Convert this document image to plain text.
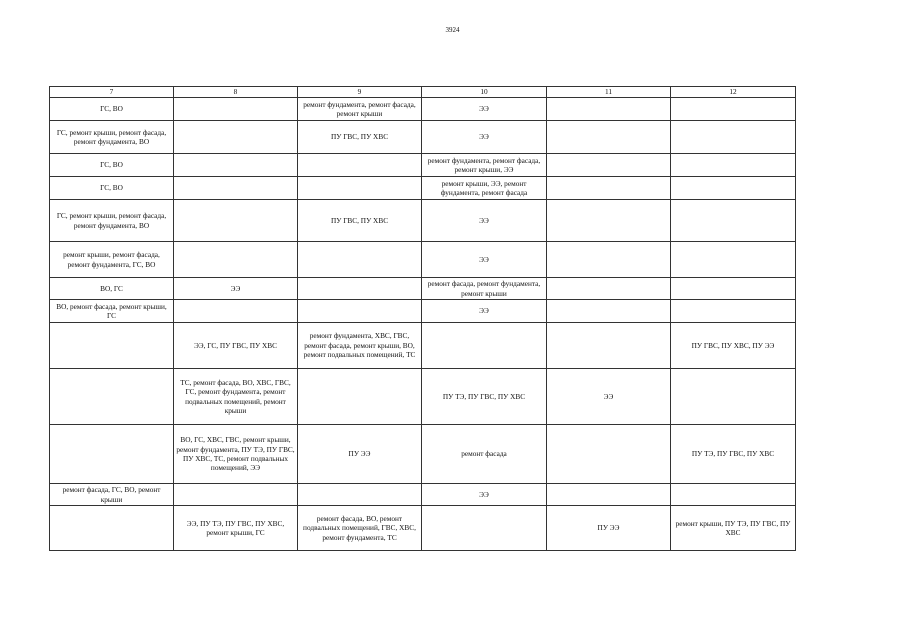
3924
7	8	9	10	11	12
ГС, ВО		ремонт фундамента, ремонт фасада, ремонт крыши	ЭЭ		
ГС, ремонт крыши, ремонт фасада, ремонт фундамента, ВО		ПУ ГВС, ПУ ХВС	ЭЭ		
ГС, ВО			ремонт фундамента, ремонт фасада, ремонт крыши, ЭЭ		
ГС, ВО			ремонт крыши, ЭЭ, ремонт фундамента, ремонт фасада		
ГС, ремонт крыши, ремонт фасада, ремонт фундамента, ВО		ПУ ГВС, ПУ ХВС	ЭЭ		
ремонт крыши, ремонт фасада, ремонт фундамента, ГС, ВО			ЭЭ		
ВО, ГС	ЭЭ		ремонт фасада, ремонт фундамента, ремонт крыши		
ВО, ремонт фасада, ремонт крыши, ГС			ЭЭ		
	ЭЭ, ГС, ПУ ГВС, ПУ ХВС	ремонт фундамента, ХВС, ГВС, ремонт фасада, ремонт крыши, ВО, ремонт подвальных помещений, ТС			ПУ ГВС, ПУ ХВС, ПУ ЭЭ
	ТС, ремонт фасада, ВО, ХВС, ГВС, ГС, ремонт фундамента, ремонт подвальных помещений, ремонт крыши		ПУ ТЭ, ПУ ГВС, ПУ ХВС	ЭЭ	
	ВО, ГС, ХВС, ГВС, ремонт крыши, ремонт фундамента, ПУ ТЭ, ПУ ГВС, ПУ ХВС, ТС, ремонт подвальных помещений, ЭЭ	ПУ ЭЭ	ремонт фасада		ПУ ТЭ, ПУ ГВС, ПУ ХВС
ремонт фасада, ГС, ВО, ремонт крыши			ЭЭ		
	ЭЭ, ПУ ТЭ, ПУ ГВС, ПУ ХВС, ремонт крыши, ГС	ремонт фасада, ВО, ремонт подвальных помещений, ГВС, ХВС, ремонт фундамента, ТС		ПУ ЭЭ	ремонт крыши, ПУ ТЭ, ПУ ГВС, ПУ ХВС
